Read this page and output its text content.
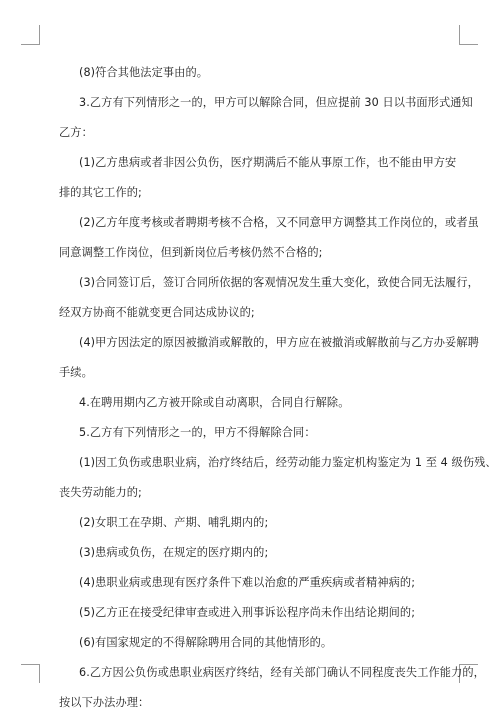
(8)符合其他法定事由的。
3.乙方有下列情形之一的，甲方可以解除合同，但应提前 30 日以书面形式通知
乙方：
(1)乙方患病或者非因公负伤，医疗期满后不能从事原工作，也不能由甲方安
排的其它工作的;
(2)乙方年度考核或者聘期考核不合格，又不同意甲方调整其工作岗位的，或者虽
同意调整工作岗位，但到新岗位后考核仍然不合格的;
(3)合同签订后，签订合同所依据的客观情况发生重大变化，致使合同无法履行，
经双方协商不能就变更合同达成协议的;
(4)甲方因法定的原因被撤消或解散的，甲方应在被撤消或解散前与乙方办妥解聘
手续。
4.在聘用期内乙方被开除或自动离职，合同自行解除。
5.乙方有下列情形之一的，甲方不得解除合同：
(1)因工负伤或患职业病，治疗终结后，经劳动能力鉴定机构鉴定为 1 至 4 级伤残、
丧失劳动能力的;
(2)女职工在孕期、产期、哺乳期内的;
(3)患病或负伤，在规定的医疗期内的;
(4)患职业病或患现有医疗条件下难以治愈的严重疾病或者精神病的;
(5)乙方正在接受纪律审查或进入刑事诉讼程序尚未作出结论期间的;
(6)有国家规定的不得解除聘用合同的其他情形的。
6.乙方因公负伤或患职业病医疗终结，经有关部门确认不同程度丧失工作能力的，
按以下办法办理：
